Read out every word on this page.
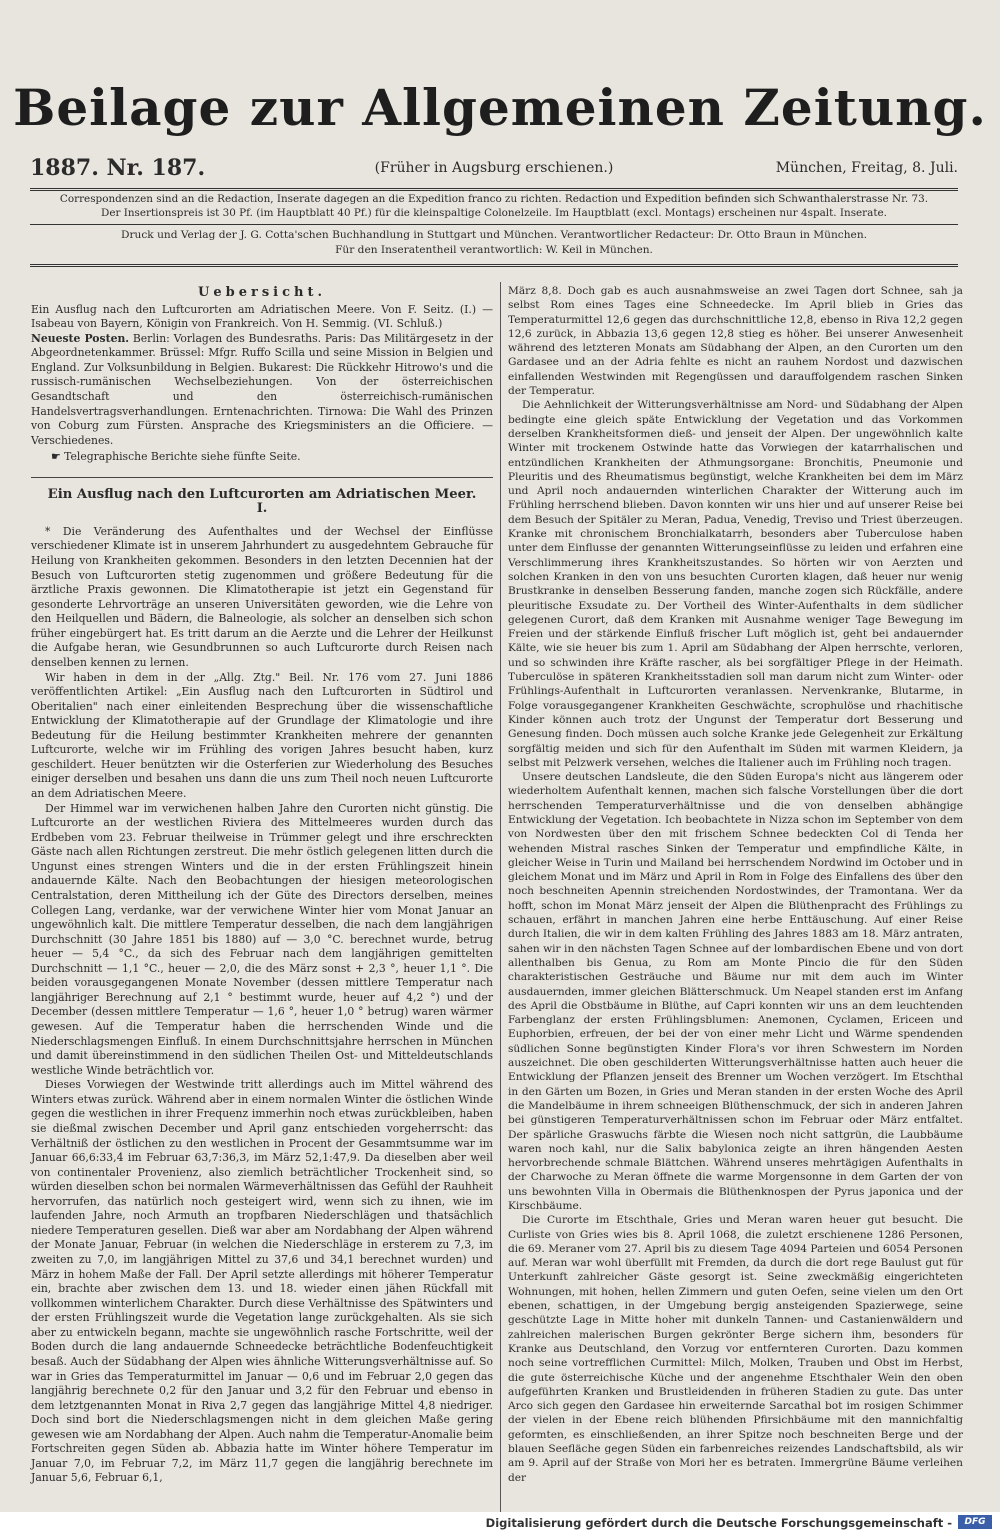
Beilage zur Allgemeinen Zeitung.
1887. Nr. 187.	(Früher in Augsburg erschienen.)	München, Freitag, 8. Juli.
Correspondenzen sind an die Redaction, Inserate dagegen an die Expedition franco zu richten. Redaction und Expedition befinden sich Schwanthalerstrasse Nr. 73.
Der Insertionspreis ist 30 Pf. (im Hauptblatt 40 Pf.) für die kleinspaltige Colonelzeile. Im Hauptblatt (excl. Montags) erscheinen nur 4spalt. Inserate.
Druck und Verlag der J. G. Cotta'schen Buchhandlung in Stuttgart und München. Verantwortlicher Redacteur: Dr. Otto Braun in München.
Für den Inseratentheil verantwortlich: W. Keil in München.
Uebersicht.

Ein Ausflug nach den Luftcurorten am Adriatischen Meere. Von F. Seitz. (I.) — Isabeau von Bayern, Königin von Frankreich. Von H. Semmig. (VI. Schluß.)

Neueste Posten. Berlin: Vorlagen des Bundesraths. Paris: Das Militärgesetz in der Abgeordnetenkammer. Brüssel: Mfgr. Ruffo Scilla und seine Mission in Belgien und England. Zur Volksunbildung in Belgien. Bukarest: Die Rückkehr Hitrowo's und die russisch-rumänischen Wechselbeziehungen. Von der österreichischen Gesandtschaft und den österreichisch-rumänischen Handelsvertragsverhandlungen. Erntenachrichten. Tirnowa: Die Wahl des Prinzen von Coburg zum Fürsten. Ansprache des Kriegsministers an die Officiere. — Verschiedenes.

☛ Telegraphische Berichte siehe fünfte Seite.
Ein Ausflug nach den Luftcurorten am Adriatischen Meer.
I.

* Die Veränderung des Aufenthaltes und der Wechsel der Einflüsse verschiedener Klimate ist in unserem Jahrhundert zu ausgedehntem Gebrauche für Heilung von Krankheiten gekommen. Besonders in den letzten Decennien hat der Besuch von Luftcurorten stetig zugenommen und größere Bedeutung für die ärztliche Praxis gewonnen. Die Klimatotherapie ist jetzt ein Gegenstand für gesonderte Lehrvorträge an unseren Universitäten geworden, wie die Lehre von den Heilquellen und Bädern, die Balneologie, als solcher an denselben sich schon früher eingebürgert hat. Es tritt darum an die Aerzte und die Lehrer der Heilkunst die Aufgabe heran, wie Gesundbrunnen so auch Luftcurorte durch Reisen nach denselben kennen zu lernen.

Wir haben in dem in der „Allg. Ztg." Beil. Nr. 176 vom 27. Juni 1886 veröffentlichten Artikel: „Ein Ausflug nach den Luftcurorten in Südtirol und Oberitalien" nach einer einleitenden Besprechung über die wissenschaftliche Entwicklung der Klimatotherapie auf der Grundlage der Klimatologie und ihre Bedeutung für die Heilung bestimmter Krankheiten mehrere der genannten Luftcurorte, welche wir im Frühling des vorigen Jahres besucht haben, kurz geschildert. Heuer benützten wir die Osterferien zur Wiederholung des Besuches einiger derselben und besahen uns dann die uns zum Theil noch neuen Luftcurorte an dem Adriatischen Meere.

Der Himmel war im verwichenen halben Jahre den Curorten nicht günstig. Die Luftcurorte an der westlichen Riviera des Mittelmeeres wurden durch das Erdbeben vom 23. Februar theilweise in Trümmer gelegt und ihre erschreckten Gäste nach allen Richtungen zerstreut. Die mehr östlich gelegenen litten durch die Ungunst eines strengen Winters und die in der ersten Frühlingszeit hinein andauernde Kälte. Nach den Beobachtungen der hiesigen meteorologischen Centralstation, deren Mittheilung ich der Güte des Directors derselben, meines Collegen Lang, verdanke, war der verwichene Winter hier vom Monat Januar an ungewöhnlich kalt. Die mittlere Temperatur desselben, die nach dem langjährigen Durchschnitt (30 Jahre 1851 bis 1880) auf — 3,0 °C. berechnet wurde, betrug heuer — 5,4 °C., da sich des Februar nach dem langjährigen gemittelten Durchschnitt — 1,1 °C., heuer — 2,0, die des März sonst + 2,3 °, heuer 1,1 °. Die beiden vorausgegangenen Monate November (dessen mittlere Temperatur nach langjähriger Berechnung auf 2,1 ° bestimmt wurde, heuer auf 4,2 °) und der December (dessen mittlere Temperatur — 1,6 °, heuer 1,0 ° betrug) waren wärmer gewesen. Auf die Temperatur haben die herrschenden Winde und die Niederschlagsmengen Einfluß. In einem Durchschnittsjahre herrschen in München und damit übereinstimmend in den südlichen Theilen Ost- und Mitteldeutschlands westliche Winde beträchtlich vor.

Dieses Vorwiegen der Westwinde tritt allerdings auch im Mittel während des Winters etwas zurück. Während aber in einem normalen Winter die östlichen Winde gegen die westlichen in ihrer Frequenz immerhin noch etwas zurückbleiben, haben sie dießmal zwischen December und April ganz entschieden vorgeherrscht: das Verhältniß der östlichen zu den westlichen in Procent der Gesammtsumme war im Januar 66,6:33,4 im Februar 63,7:36,3, im März 52,1:47,9. Da dieselben aber weil von continentaler Provenienz, also ziemlich beträchtlicher Trockenheit sind, so würden dieselben schon bei normalen Wärmeverhältnissen das Gefühl der Rauhheit hervorrufen, das natürlich noch gesteigert wird, wenn sich zu ihnen, wie im laufenden Jahre, noch Armuth an tropfbaren Niederschlägen und thatsächlich niedere Temperaturen gesellen. Dieß war aber am Nordabhang der Alpen während der Monate Januar, Februar (in welchen die Niederschläge in ersterem zu 7,3, im zweiten zu 7,0, im langjährigen Mittel zu 37,6 und 34,1 berechnet wurden) und März in hohem Maße der Fall. Der April setzte allerdings mit höherer Temperatur ein, brachte aber zwischen dem 13. und 18. wieder einen jähen Rückfall mit vollkommen winterlichem Charakter. Durch diese Verhältnisse des Spätwinters und der ersten Frühlingszeit wurde die Vegetation lange zurückgehalten. Als sie sich aber zu entwickeln begann, machte sie ungewöhnlich rasche Fortschritte, weil der Boden durch die lang andauernde Schneedecke beträchtliche Bodenfeuchtigkeit besaß. Auch der Südabhang der Alpen wies ähnliche Witterungsverhältnisse auf. So war in Gries das Temperaturmittel im Januar — 0,6 und im Februar 2,0 gegen das langjährig berechnete 0,2 für den Januar und 3,2 für den Februar und ebenso in dem letztgenannten Monat in Riva 2,7 gegen das langjährige Mittel 4,8 niedriger. Doch sind bort die Niederschlagsmengen nicht in dem gleichen Maße gering gewesen wie am Nordabhang der Alpen. Auch nahm die Temperatur-Anomalie beim Fortschreiten gegen Süden ab. Abbazia hatte im Winter höhere Temperatur im Januar 7,0, im Februar 7,2, im März 11,7 gegen die langjährig berechnete im Januar 5,6, Februar 6,1,

März 8,8. Doch gab es auch ausnahmsweise an zwei Tagen dort Schnee, sah ja selbst Rom eines Tages eine Schneedecke. Im April blieb in Gries das Temperaturmittel 12,6 gegen das durchschnittliche 12,8, ebenso in Riva 12,2 gegen 12,6 zurück, in Abbazia 13,6 gegen 12,8 stieg es höher. Bei unserer Anwesenheit während des letzteren Monats am Südabhang der Alpen, an den Curorten um den Gardasee und an der Adria fehlte es nicht an rauhem Nordost und dazwischen einfallenden Westwinden mit Regengüssen und darauffolgendem raschen Sinken der Temperatur.

Die Aehnlichkeit der Witterungsverhältnisse am Nord- und Südabhang der Alpen bedingte eine gleich späte Entwicklung der Vegetation und das Vorkommen derselben Krankheitsformen dieß- und jenseit der Alpen. Der ungewöhnlich kalte Winter mit trockenem Ostwinde hatte das Vorwiegen der katarrhalischen und entzündlichen Krankheiten der Athmungsorgane: Bronchitis, Pneumonie und Pleuritis und des Rheumatismus begünstigt, welche Krankheiten bei dem im März und April noch andauernden winterlichen Charakter der Witterung auch im Frühling herrschend blieben. Davon konnten wir uns hier und auf unserer Reise bei dem Besuch der Spitäler zu Meran, Padua, Venedig, Treviso und Triest überzeugen. Kranke mit chronischem Bronchialkatarrh, besonders aber Tuberculose haben unter dem Einflusse der genannten Witterungseinflüsse zu leiden und erfahren eine Verschlimmerung ihres Krankheitszustandes. So hörten wir von Aerzten und solchen Kranken in den von uns besuchten Curorten klagen, daß heuer nur wenig Brustkranke in denselben Besserung fanden, manche zogen sich Rückfälle, andere pleuritische Exsudate zu. Der Vortheil des Winter-Aufenthalts in dem südlicher gelegenen Curort, daß dem Kranken mit Ausnahme weniger Tage Bewegung im Freien und der stärkende Einfluß frischer Luft möglich ist, geht bei andauernder Kälte, wie sie heuer bis zum 1. April am Südabhang der Alpen herrschte, verloren, und so schwinden ihre Kräfte rascher, als bei sorgfältiger Pflege in der Heimath. Tuberculöse in späteren Krankheitsstadien soll man darum nicht zum Winter- oder Frühlings-Aufenthalt in Luftcurorten veranlassen. Nervenkranke, Blutarme, in Folge vorausgegangener Krankheiten Geschwächte, scrophulöse und rhachitische Kinder können auch trotz der Ungunst der Temperatur dort Besserung und Genesung finden. Doch müssen auch solche Kranke jede Gelegenheit zur Erkältung sorgfältig meiden und sich für den Aufenthalt im Süden mit warmen Kleidern, ja selbst mit Pelzwerk versehen, welches die Italiener auch im Frühling noch tragen.

Unsere deutschen Landsleute, die den Süden Europa's nicht aus längerem oder wiederholtem Aufenthalt kennen, machen sich falsche Vorstellungen über die dort herrschenden Temperaturverhältnisse und die von denselben abhängige Entwicklung der Vegetation. Ich beobachtete in Nizza schon im September von dem von Nordwesten über den mit frischem Schnee bedeckten Col di Tenda her wehenden Mistral rasches Sinken der Temperatur und empfindliche Kälte, in gleicher Weise in Turin und Mailand bei herrschendem Nordwind im October und in gleichem Monat und im März und April in Rom in Folge des Einfallens des über den noch beschneiten Apennin streichenden Nordostwindes, der Tramontana. Wer da hofft, schon im Monat März jenseit der Alpen die Blüthenpracht des Frühlings zu schauen, erfährt in manchen Jahren eine herbe Enttäuschung. Auf einer Reise durch Italien, die wir in dem kalten Frühling des Jahres 1883 am 18. März antraten, sahen wir in den nächsten Tagen Schnee auf der lombardischen Ebene und von dort allenthalben bis Genua, zu Rom am Monte Pincio die für den Süden charakteristischen Gesträuche und Bäume nur mit dem auch im Winter ausdauernden, immer gleichen Blätterschmuck. Um Neapel standen erst im Anfang des April die Obstbäume in Blüthe, auf Capri konnten wir uns an dem leuchtenden Farbenglanz der ersten Frühlingsblumen: Anemonen, Cyclamen, Ericeen und Euphorbien, erfreuen, der bei der von einer mehr Licht und Wärme spendenden südlichen Sonne begünstigten Kinder Flora's vor ihren Schwestern im Norden auszeichnet. Die oben geschilderten Witterungsverhältnisse hatten auch heuer die Entwicklung der Pflanzen jenseit des Brenner um Wochen verzögert. Im Etschthal in den Gärten um Bozen, in Gries und Meran standen in der ersten Woche des April die Mandelbäume in ihrem schneeigen Blüthenschmuck, der sich in anderen Jahren bei günstigeren Temperaturverhältnissen schon im Februar oder März entfaltet. Der spärliche Graswuchs färbte die Wiesen noch nicht sattgrün, die Laubbäume waren noch kahl, nur die Salix babylonica zeigte an ihren hängenden Aesten hervorbrechende schmale Blättchen. Während unseres mehrtägigen Aufenthalts in der Charwoche zu Meran öffnete die warme Morgensonne in dem Garten der von uns bewohnten Villa in Obermais die Blüthenknospen der Pyrus japonica und der Kirschbäume.

Die Curorte im Etschthale, Gries und Meran waren heuer gut besucht. Die Curliste von Gries wies bis 8. April 1068, die zuletzt erschienene 1286 Personen, die 69. Meraner vom 27. April bis zu diesem Tage 4094 Parteien und 6054 Personen auf. Meran war wohl überfüllt mit Fremden, da durch die dort rege Baulust gut für Unterkunft zahlreicher Gäste gesorgt ist. Seine zweckmäßig eingerichteten Wohnungen, mit hohen, hellen Zimmern und guten Oefen, seine vielen um den Ort ebenen, schattigen, in der Umgebung bergig ansteigenden Spazierwege, seine geschützte Lage in Mitte hoher mit dunkeln Tannen- und Castanienwäldern und zahlreichen malerischen Burgen gekrönter Berge sichern ihm, besonders für Kranke aus Deutschland, den Vorzug vor entfernteren Curorten. Dazu kommen noch seine vortrefflichen Curmittel: Milch, Molken, Trauben und Obst im Herbst, die gute österreichische Küche und der angenehme Etschthaler Wein den oben aufgeführten Kranken und Brustleidenden in früheren Stadien zu gute. Das unter Arco sich gegen den Gardasee hin erweiternde Sarcathal bot im rosigen Schimmer der vielen in der Ebene reich blühenden Pfirsichbäume mit den mannichfaltig geformten, es einschließenden, an ihrer Spitze noch beschneiten Berge und der blauen Seefläche gegen Süden ein farbenreiches reizendes Landschaftsbild, als wir am 9. April auf der Straße von Mori her es betraten. Immergrüne Bäume verleihen der

Digitalisierung gefördert durch die Deutsche Forschungsgemeinschaft -	DFG
